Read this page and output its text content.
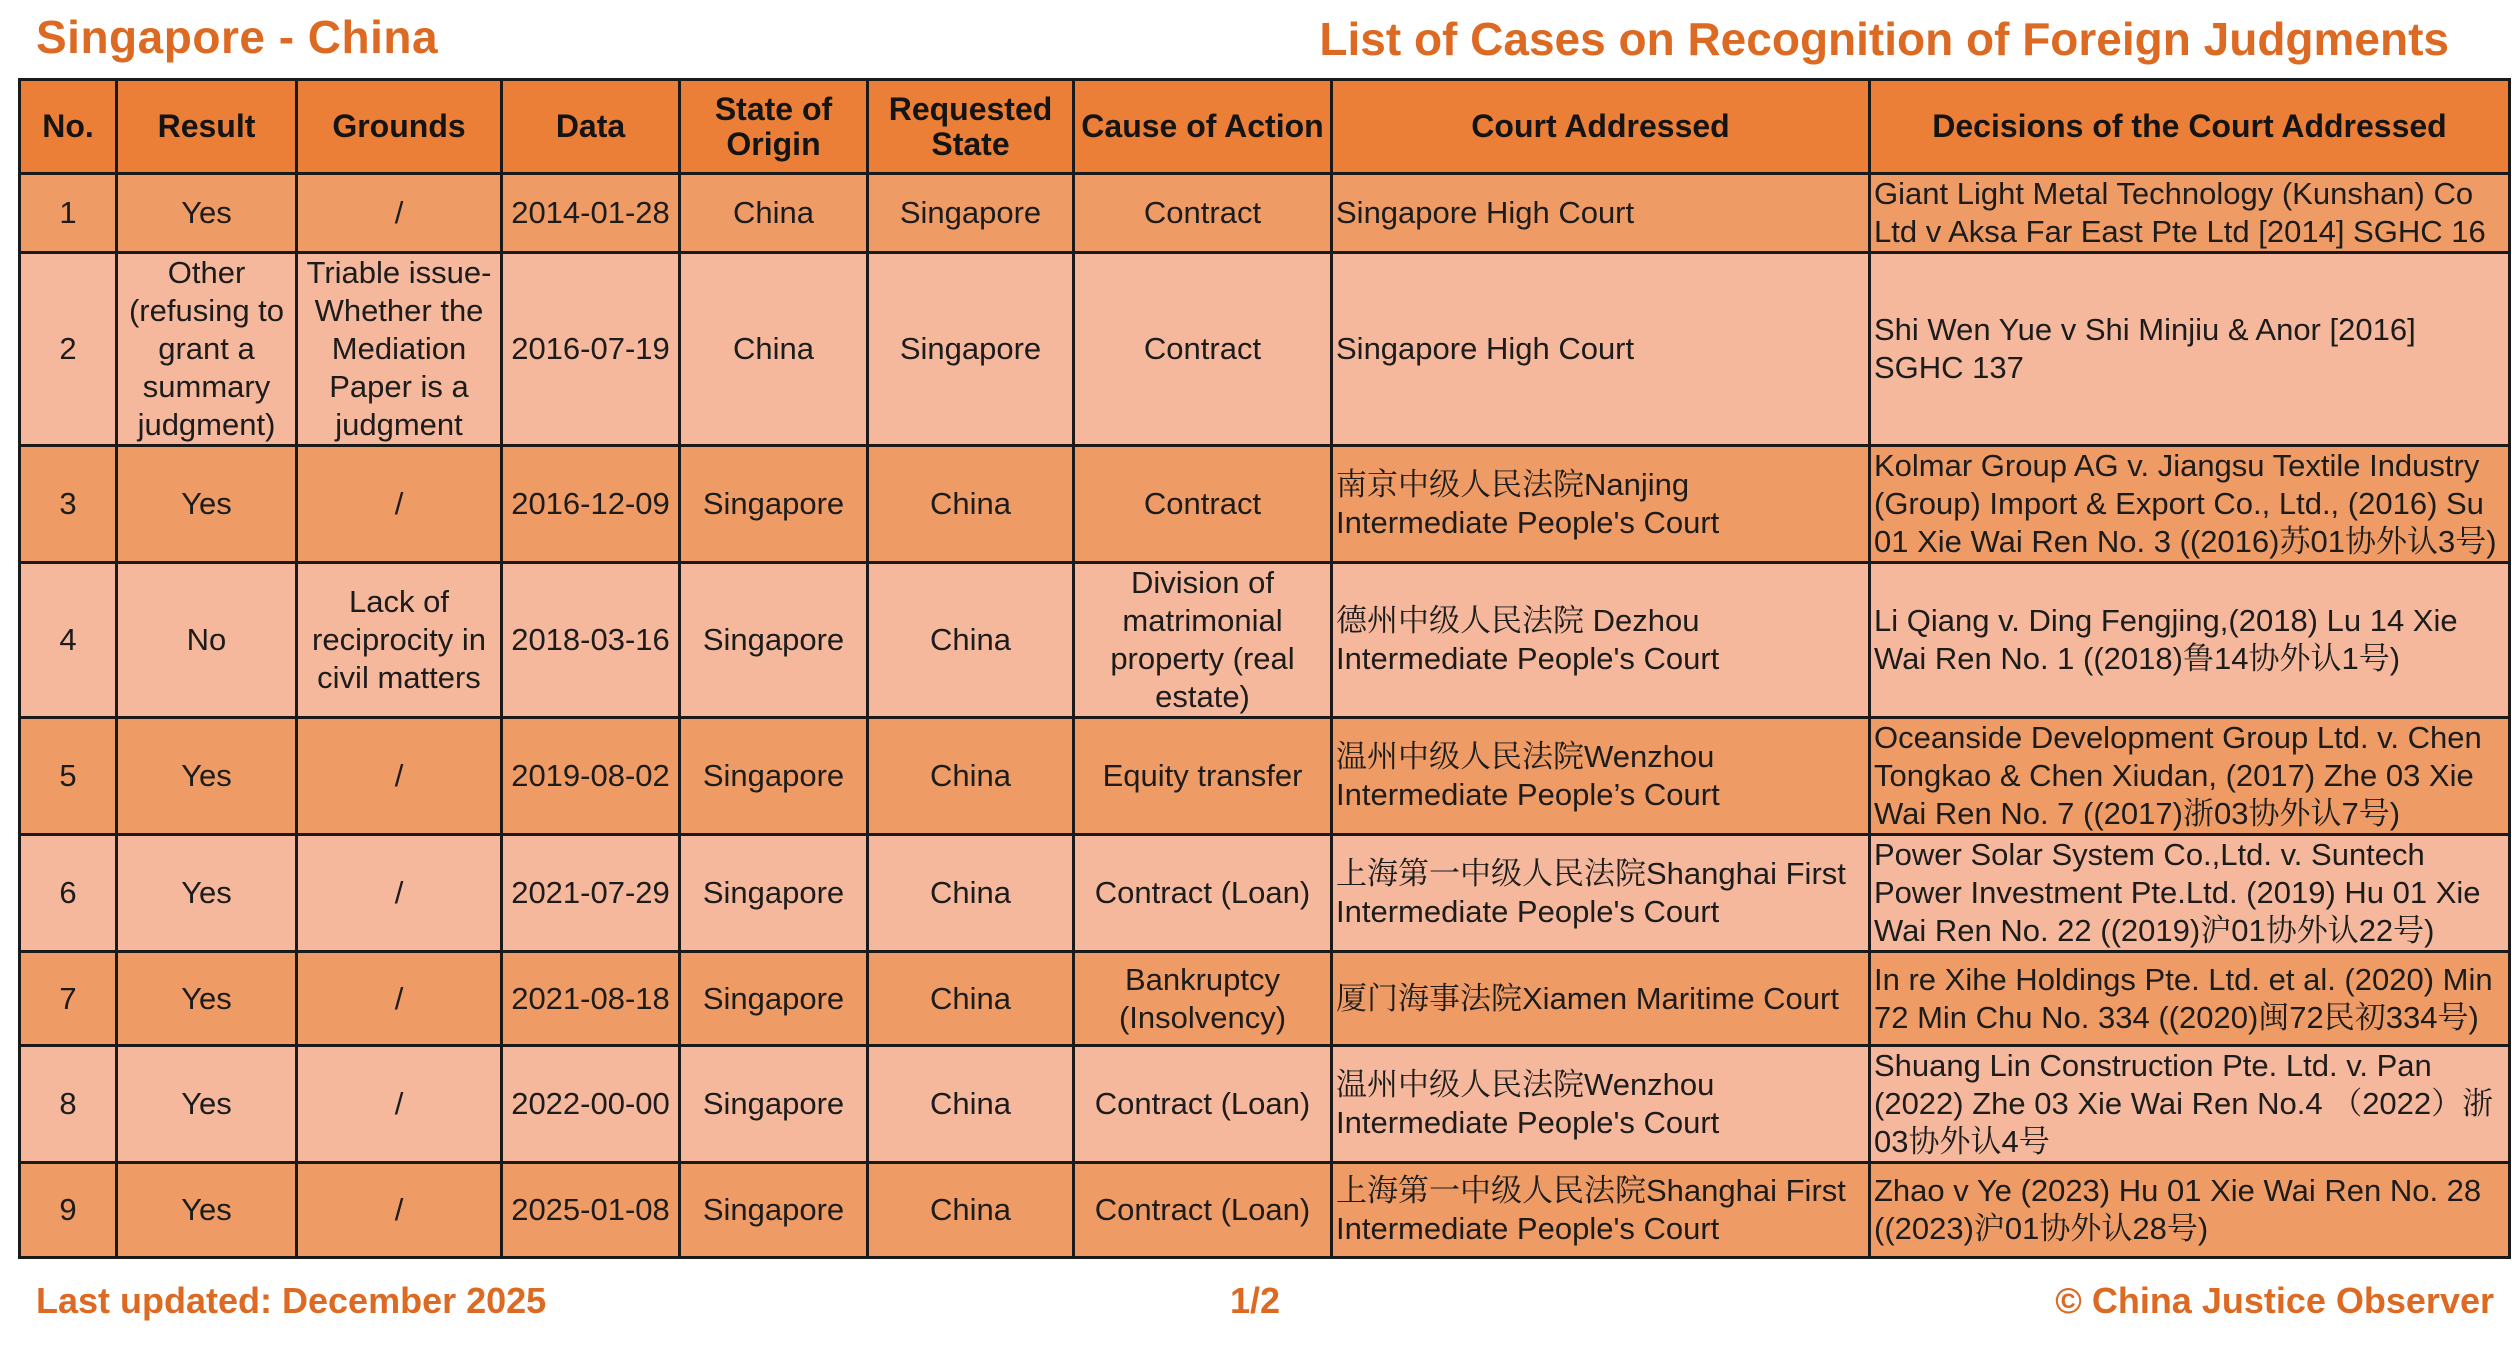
Singapore - China	List of Cases on Recognition of Foreign Judgments
No.	Result	Grounds	Data	State of Origin	Requested State	Cause of Action	Court Addressed	Decisions of the Court Addressed
1	Yes	/	2014-01-28	China	Singapore	Contract	Singapore High Court	Giant Light Metal Technology (Kunshan) Co Ltd v Aksa Far East Pte Ltd [2014] SGHC 16
2	Other (refusing to grant a summary judgment)	Triable issue-Whether the Mediation Paper is a judgment	2016-07-19	China	Singapore	Contract	Singapore High Court	Shi Wen Yue v Shi Minjiu & Anor [2016] SGHC 137
3	Yes	/	2016-12-09	Singapore	China	Contract	南京中级人民法院Nanjing Intermediate People's Court	Kolmar Group AG v. Jiangsu Textile Industry (Group) Import & Export Co., Ltd., (2016) Su 01 Xie Wai Ren No. 3 ((2016)苏01协外认3号)
4	No	Lack of reciprocity in civil matters	2018-03-16	Singapore	China	Division of matrimonial property (real estate)	德州中级人民法院 Dezhou Intermediate People's Court	Li Qiang v. Ding Fengjing,(2018) Lu 14 Xie Wai Ren No. 1 ((2018)鲁14协外认1号)
5	Yes	/	2019-08-02	Singapore	China	Equity transfer	温州中级人民法院Wenzhou Intermediate People’s Court	Oceanside Development Group Ltd. v. Chen Tongkao & Chen Xiudan, (2017) Zhe 03 Xie Wai Ren No. 7 ((2017)浙03协外认7号)
6	Yes	/	2021-07-29	Singapore	China	Contract (Loan)	上海第一中级人民法院Shanghai First Intermediate People's Court	Power Solar System Co.,Ltd. v. Suntech Power Investment Pte.Ltd. (2019) Hu 01 Xie Wai Ren No. 22 ((2019)沪01协外认22号)
7	Yes	/	2021-08-18	Singapore	China	Bankruptcy (Insolvency)	厦门海事法院Xiamen Maritime Court	In re Xihe Holdings Pte. Ltd. et al. (2020) Min 72 Min Chu No. 334 ((2020)闽72民初334号)
8	Yes	/	2022-00-00	Singapore	China	Contract (Loan)	温州中级人民法院Wenzhou Intermediate People's Court	Shuang Lin Construction Pte. Ltd. v. Pan (2022) Zhe 03 Xie Wai Ren No.4 （2022）浙03协外认4号
9	Yes	/	2025-01-08	Singapore	China	Contract (Loan)	上海第一中级人民法院Shanghai First Intermediate People's Court	Zhao v Ye (2023) Hu 01 Xie Wai Ren No. 28 ((2023)沪01协外认28号)
Last updated: December 2025	1/2	© China Justice Observer
